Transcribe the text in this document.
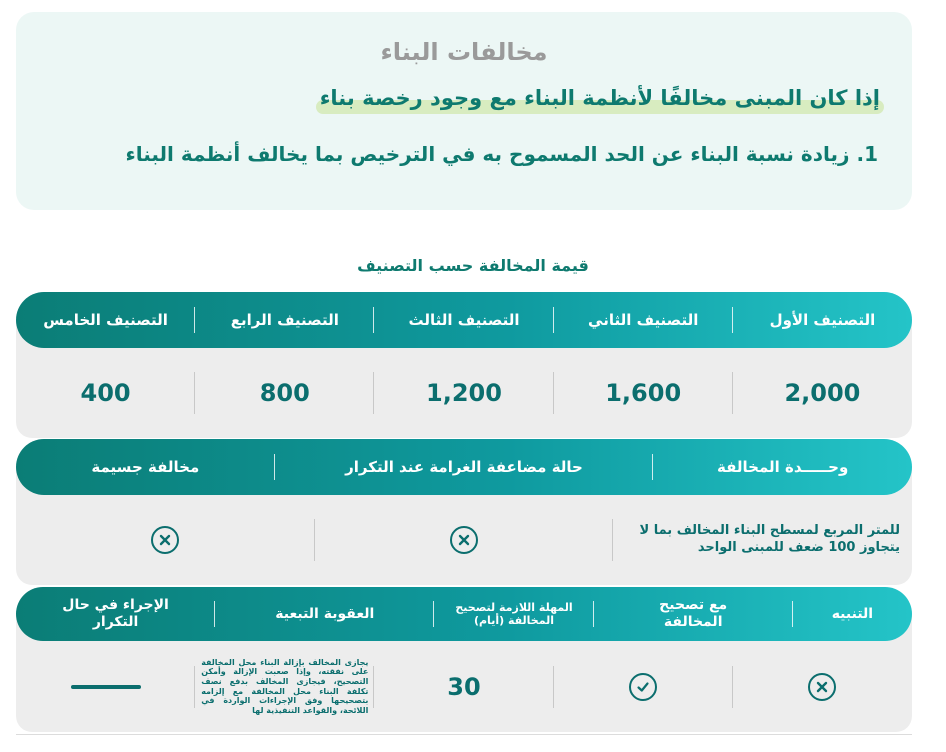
مخالفات البناء
إذا كان المبنى مخالفًا لأنظمة البناء مع وجود رخصة بناء
1. زيادة نسبة البناء عن الحد المسموح به في الترخيص بما يخالف أنظمة البناء
قيمة المخالفة حسب التصنيف
التصنيف الأول
التصنيف الثاني
التصنيف الثالث
التصنيف الرابع
التصنيف الخامس
2,000
1,600
1,200
800
400
وحـــــدة المخالفة
حالة مضاعفة الغرامة عند التكرار
مخالفة جسيمة
للمتر المربع لمسطح البناء المخالف بما لا يتجاوز 100 ضعف للمبنى الواحد
التنبيه
مع تصحيح المخالفة
المهلة اللازمة لتصحيح المخالفة (أيام)
العقوبة التبعية
الإجراء في حال التكرار
30
يجازى المخالف بإزالة البناء محل المخالفة على نفقته، وإذا صعبت الإزالة وأمكن التصحيح، فيجازى المخالف بدفع نصف تكلفة البناء محل المخالفة مع إلزامه بتصحيحها وفق الإجراءات الواردة في اللائحة، والقواعد التنفيذية لها
